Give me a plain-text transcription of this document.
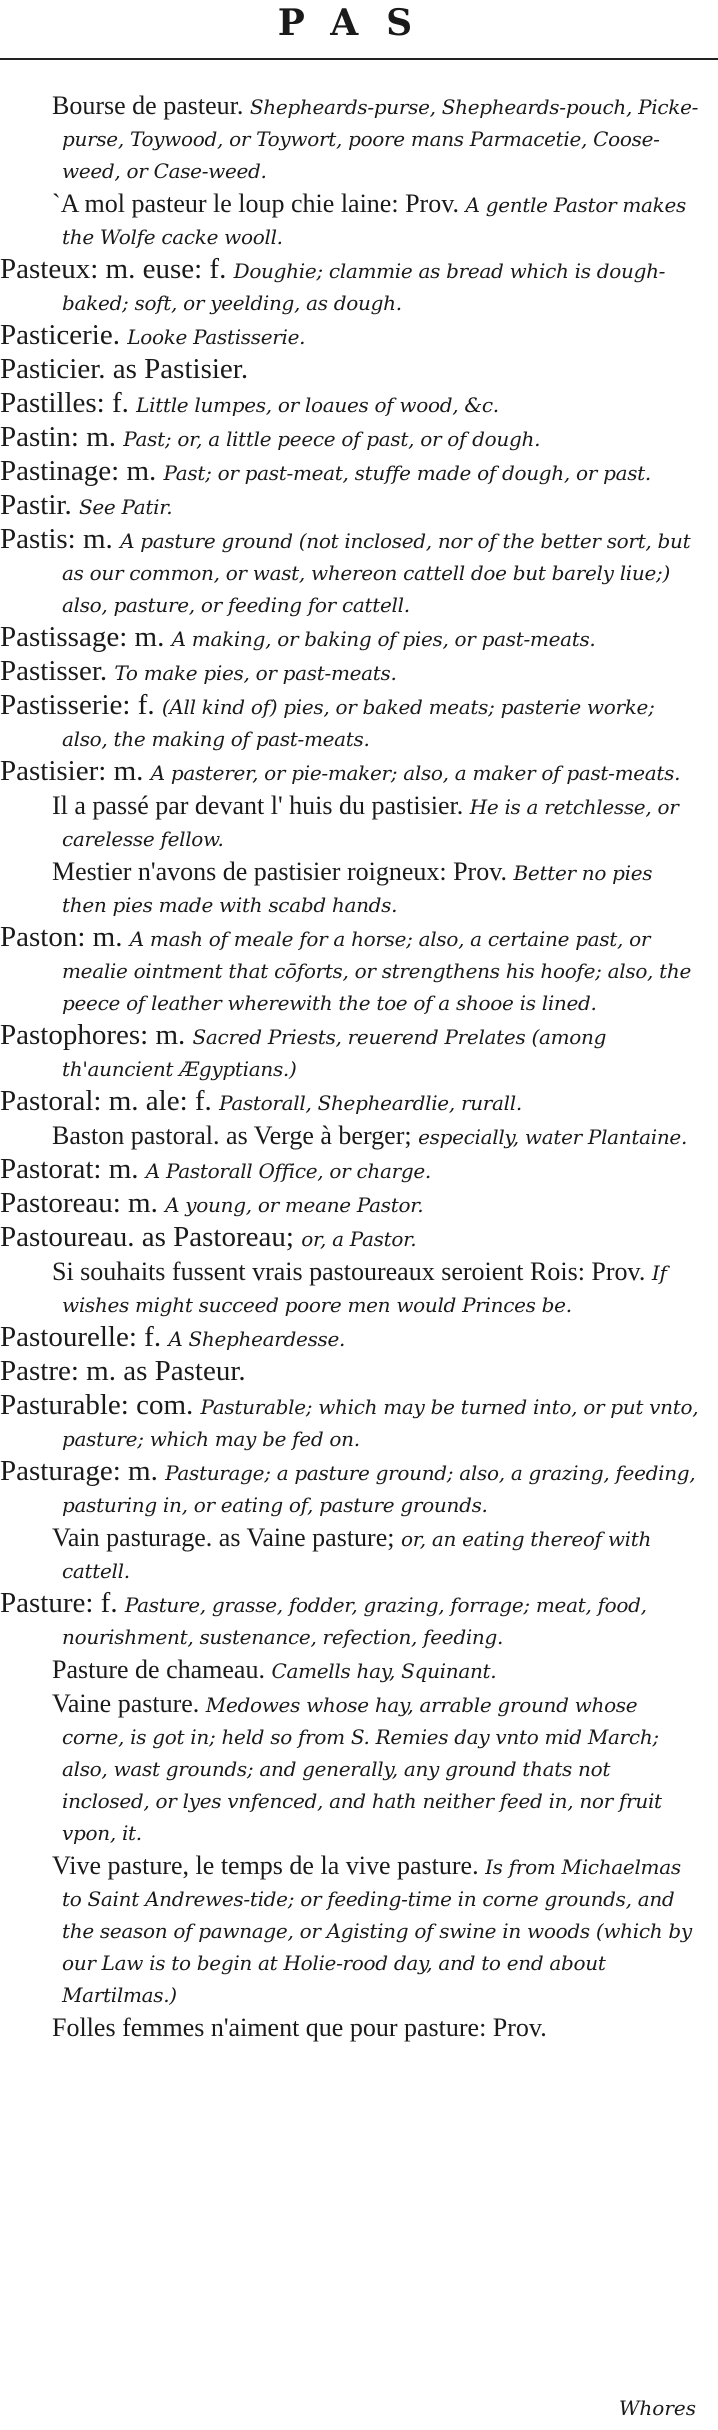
PAS
Bourse de pasteur. Shepheards-purse, Shepheards-pouch, Picke-purse, Toywood, or Toywort, poore mans Parmacetie, Coose-weed, or Case-weed.
`A mol pasteur le loup chie laine: Prov. A gentle Pastor makes the Wolfe cacke wooll.
Pasteux: m. euse: f. Doughie; clammie as bread which is dough-baked; soft, or yeelding, as dough.
Pasticerie. Looke Pastisserie.
Pasticier. as Pastisier.
Pastilles: f. Little lumpes, or loaues of wood, &c.
Pastin: m. Past; or, a little peece of past, or of dough.
Pastinage: m. Past; or past-meat, stuffe made of dough, or past.
Pastir. See Patir.
Pastis: m. A pasture ground (not inclosed, nor of the better sort, but as our common, or wast, whereon cattell doe but barely liue;) also, pasture, or feeding for cattell.
Pastissage: m. A making, or baking of pies, or past-meats.
Pastisser. To make pies, or past-meats.
Pastisserie: f. (All kind of) pies, or baked meats; pasterie worke; also, the making of past-meats.
Pastisier: m. A pasterer, or pie-maker; also, a maker of past-meats.
Il a passé par devant l' huis du pastisier. He is a retchlesse, or carelesse fellow.
Mestier n'avons de pastisier roigneux: Prov. Better no pies then pies made with scabd hands.
Paston: m. A mash of meale for a horse; also, a certaine past, or mealie ointment that cōforts, or strengthens his hoofe; also, the peece of leather wherewith the toe of a shooe is lined.
Pastophores: m. Sacred Priests, reuerend Prelates (among th'auncient Ægyptians.)
Pastoral: m. ale: f. Pastorall, Shepheardlie, rurall.
Baston pastoral. as Verge à berger; especially, water Plantaine.
Pastorat: m. A Pastorall Office, or charge.
Pastoreau: m. A young, or meane Pastor.
Pastoureau. as Pastoreau; or, a Pastor.
Si souhaits fussent vrais pastoureaux seroient Rois: Prov. If wishes might succeed poore men would Princes be.
Pastourelle: f. A Shepheardesse.
Pastre: m. as Pasteur.
Pasturable: com. Pasturable; which may be turned into, or put vnto, pasture; which may be fed on.
Pasturage: m. Pasturage; a pasture ground; also, a grazing, feeding, pasturing in, or eating of, pasture grounds.
Vain pasturage. as Vaine pasture; or, an eating thereof with cattell.
Pasture: f. Pasture, grasse, fodder, grazing, forrage; meat, food, nourishment, sustenance, refection, feeding.
Pasture de chameau. Camells hay, Squinant.
Vaine pasture. Medowes whose hay, arrable ground whose corne, is got in; held so from S. Remies day vnto mid March; also, wast grounds; and generally, any ground thats not inclosed, or lyes vnfenced, and hath neither feed in, nor fruit vpon, it.
Vive pasture, le temps de la vive pasture. Is from Michaelmas to Saint Andrewes-tide; or feeding-time in corne grounds, and the season of pawnage, or Agisting of swine in woods (which by our Law is to begin at Holie-rood day, and to end about Martilmas.)
Folles femmes n'aiment que pour pasture: Prov.
Whores
